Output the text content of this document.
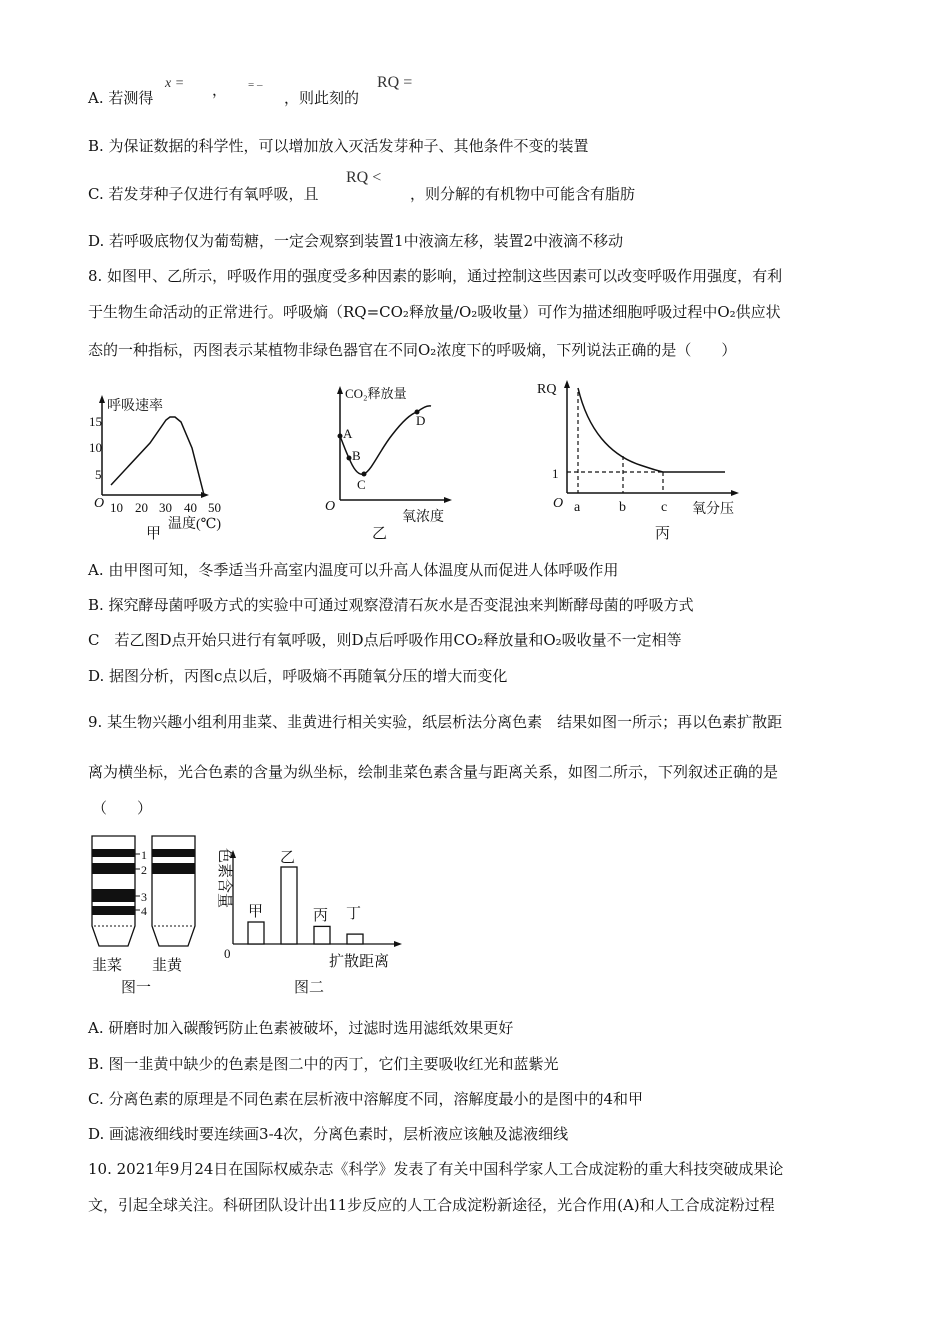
A. 若测得
x = ， = –
，则此刻的
RQ =
B. 为保证数据的科学性，可以增加放入灭活发芽种子、其他条件不变的装置
C. 若发芽种子仅进行有氧呼吸，且
RQ <
，则分解的有机物中可能含有脂肪
D. 若呼吸底物仅为葡萄糖，一定会观察到装置1中液滴左移，装置2中液滴不移动
8. 如图甲、乙所示，呼吸作用的强度受多种因素的影响，通过控制这些因素可以改变呼吸作用强度，有利
于生物生命活动的正常进行。呼吸熵（RQ=CO₂释放量/O₂吸收量）可作为描述细胞呼吸过程中O₂供应状
态的一种指标，丙图表示某植物非绿色器官在不同O₂浓度下的呼吸熵，下列说法正确的是（　　）
呼吸速率
15
10
5
O 10 20 30 40 50
温度(℃)
甲
CO₂释放量
A
B
C
D
O
氧浓度
乙
RQ
1
O a	b	c 氧分压
丙
1
2
3
4
韭菜 韭黄
图一
乙
甲	丙 丁
0
扩散距离
图二
色素含量
A. 由甲图可知，冬季适当升高室内温度可以升高人体温度从而促进人体呼吸作用
B. 探究酵母菌呼吸方式的实验中可通过观察澄清石灰水是否变混浊来判断酵母菌的呼吸方式
C　若乙图D点开始只进行有氧呼吸，则D点后呼吸作用CO₂释放量和O₂吸收量不一定相等
D. 据图分析，丙图c点以后，呼吸熵不再随氧分压的增大而变化
9. 某生物兴趣小组利用韭菜、韭黄进行相关实验，纸层析法分离色素　结果如图一所示；再以色素扩散距
离为横坐标，光合色素的含量为纵坐标，绘制韭菜色素含量与距离关系，如图二所示，下列叙述正确的是
（　　）
A. 研磨时加入碳酸钙防止色素被破坏，过滤时选用滤纸效果更好
B. 图一韭黄中缺少的色素是图二中的丙丁，它们主要吸收红光和蓝紫光
C. 分离色素的原理是不同色素在层析液中溶解度不同，溶解度最小的是图中的4和甲
D. 画滤液细线时要连续画3-4次，分离色素时，层析液应该触及滤液细线
10. 2021年9月24日在国际权威杂志《科学》发表了有关中国科学家人工合成淀粉的重大科技突破成果论
文，引起全球关注。科研团队设计出11步反应的人工合成淀粉新途径，光合作用(A)和人工合成淀粉过程
